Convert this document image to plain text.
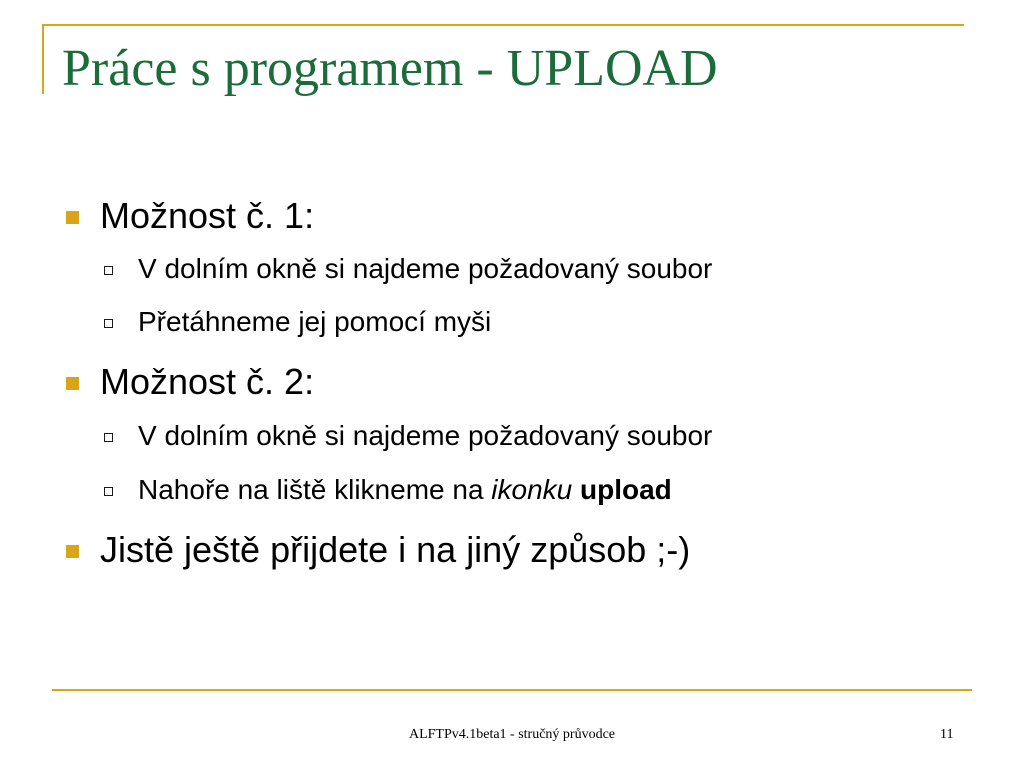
Práce s programem - UPLOAD
Možnost č. 1:
V dolním okně si najdeme požadovaný soubor
Přetáhneme jej pomocí myši
Možnost č. 2:
V dolním okně si najdeme požadovaný soubor
Nahoře na liště klikneme na ikonku upload
Jistě ještě přijdete i na jiný způsob ;-)
ALFTPv4.1beta1 - stručný průvodce	11
